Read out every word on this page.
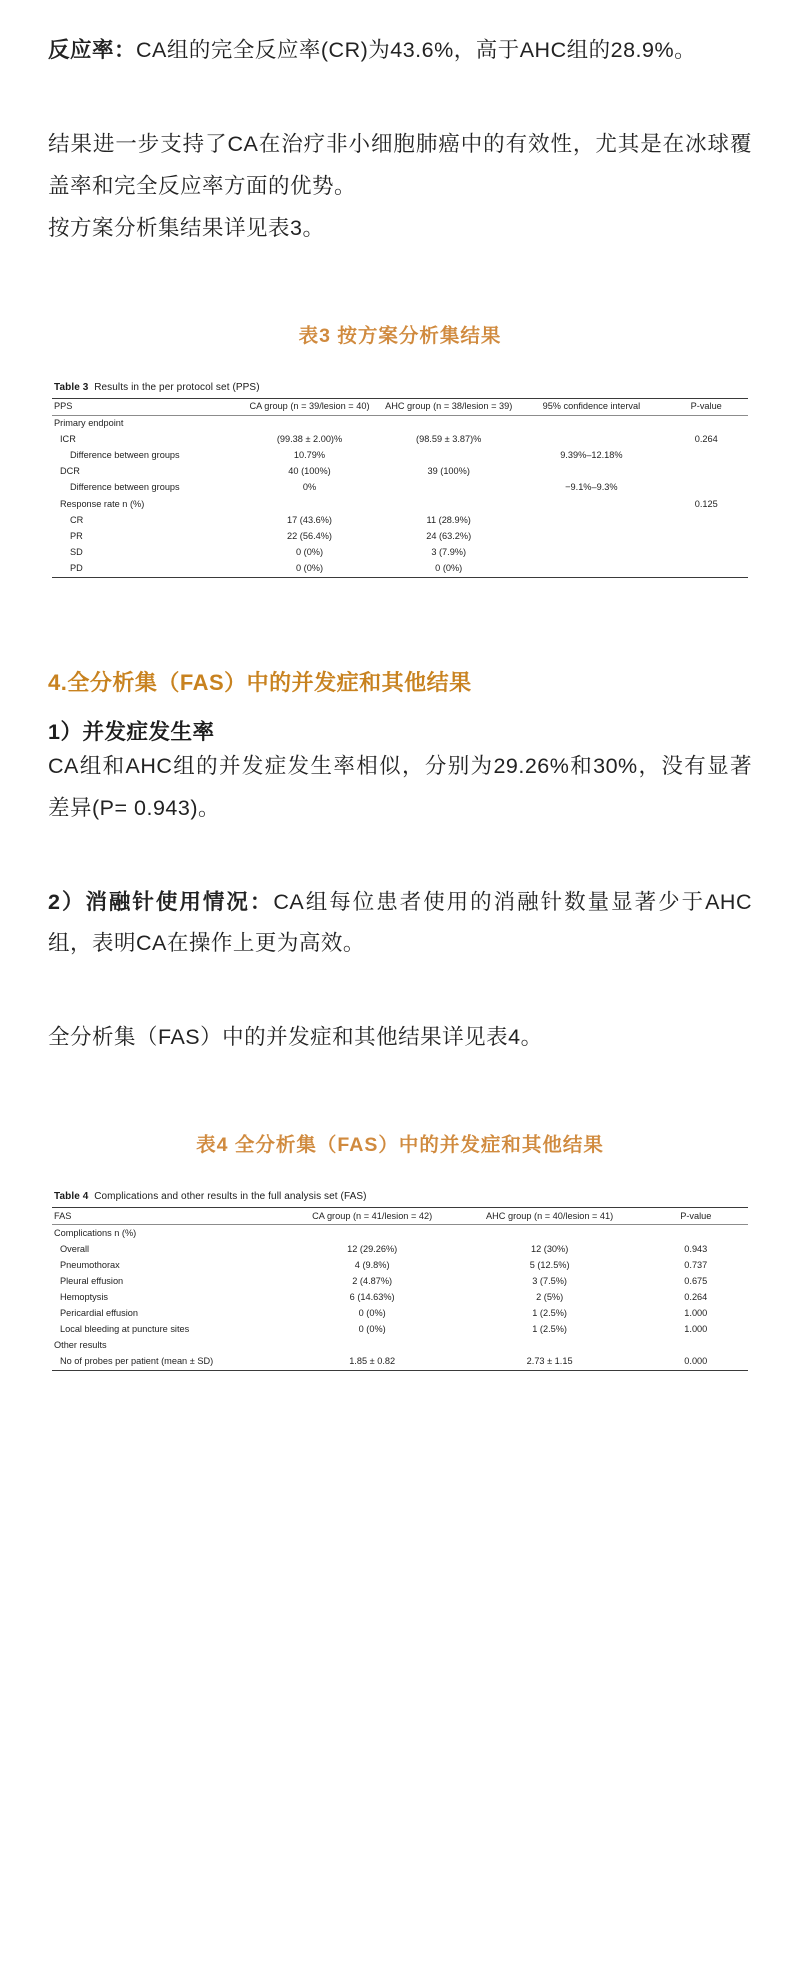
反应率：CA组的完全反应率(CR)为43.6%，高于AHC组的28.9%。

结果进一步支持了CA在治疗非小细胞肺癌中的有效性，尤其是在冰球覆盖率和完全反应率方面的优势。

按方案分析集结果详见表3。

表3 按方案分析集结果

Table 3 Results in the per protocol set (PPS)

PPS	CA group (n = 39/lesion = 40)	AHC group (n = 38/lesion = 39)	95% confidence interval	P-value
Primary endpoint				
ICR	(99.38 ± 2.00)%	(98.59 ± 3.87)%		0.264
Difference between groups	10.79%		9.39%–12.18%	
DCR	40 (100%)	39 (100%)		
Difference between groups	0%		−9.1%–9.3%	
Response rate n (%)				0.125
CR	17 (43.6%)	11 (28.9%)		
PR	22 (56.4%)	24 (63.2%)		
SD	0 (0%)	3 (7.9%)		
PD	0 (0%)	0 (0%)		

4.全分析集（FAS）中的并发症和其他结果

1）并发症发生率

CA组和AHC组的并发症发生率相似，分别为29.26%和30%，没有显著差异(P= 0.943)。

2）消融针使用情况：CA组每位患者使用的消融针数量显著少于AHC组，表明CA在操作上更为高效。

全分析集（FAS）中的并发症和其他结果详见表4。

表4 全分析集（FAS）中的并发症和其他结果

Table 4 Complications and other results in the full analysis set (FAS)

FAS	CA group (n = 41/lesion = 42)	AHC group (n = 40/lesion = 41)	P-value
Complications n (%)			
Overall	12 (29.26%)	12 (30%)	0.943
Pneumothorax	4 (9.8%)	5 (12.5%)	0.737
Pleural effusion	2 (4.87%)	3 (7.5%)	0.675
Hemoptysis	6 (14.63%)	2 (5%)	0.264
Pericardial effusion	0 (0%)	1 (2.5%)	1.000
Local bleeding at puncture sites	0 (0%)	1 (2.5%)	1.000
Other results			
No of probes per patient (mean ± SD)	1.85 ± 0.82	2.73 ± 1.15	0.000
